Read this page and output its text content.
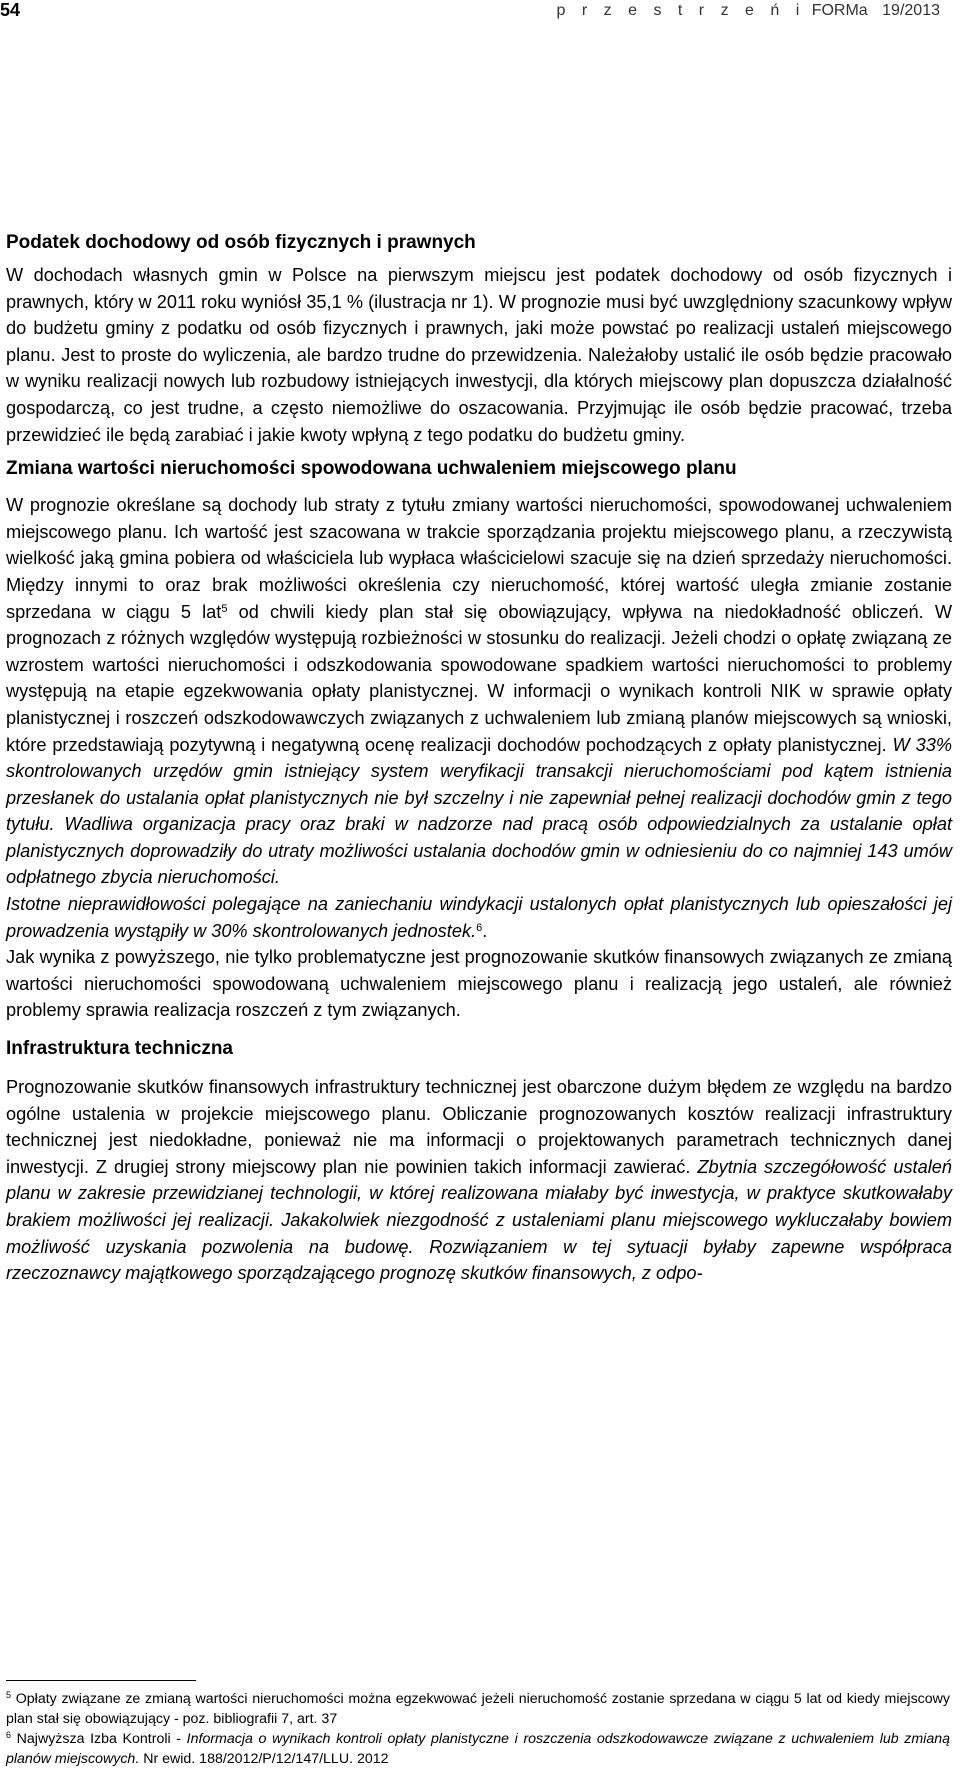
54	p r z e s t r z e ń i FORMa 19/2013
Podatek dochodowy od osób fizycznych i prawnych

W dochodach własnych gmin w Polsce na pierwszym miejscu jest podatek dochodowy od osób fizycznych i prawnych, który w 2011 roku wyniósł 35,1 % (ilustracja nr 1). W prognozie musi być uwzględniony szacunkowy wpływ do budżetu gminy z podatku od osób fizycznych i prawnych, jaki może powstać po realizacji ustaleń miejscowego planu. Jest to proste do wyliczenia, ale bardzo trudne do przewidzenia. Należałoby ustalić ile osób będzie pracowało w wyniku realizacji nowych lub rozbudowy istniejących inwestycji, dla których miejscowy plan dopuszcza działalność gospodarczą, co jest trudne, a często niemożliwe do oszacowania. Przyjmując ile osób będzie pracować, trzeba przewidzieć ile będą zarabiać i jakie kwoty wpłyną z tego podatku do budżetu gminy.

Zmiana wartości nieruchomości spowodowana uchwaleniem miejscowego planu

W prognozie określane są dochody lub straty z tytułu zmiany wartości nieruchomości, spowodowanej uchwaleniem miejscowego planu. Ich wartość jest szacowana w trakcie sporządzania projektu miejscowego planu, a rzeczywistą wielkość jaką gmina pobiera od właściciela lub wypłaca właścicielowi szacuje się na dzień sprzedaży nieruchomości. Między innymi to oraz brak możliwości określenia czy nieruchomość, której wartość uległa zmianie zostanie sprzedana w ciągu 5 lat$^5$ od chwili kiedy plan stał się obowiązujący, wpływa na niedokładność obliczeń. W prognozach z różnych względów występują rozbieżności w stosunku do realizacji. Jeżeli chodzi o opłatę związaną ze wzrostem wartości nieruchomości i odszkodowania spowodowane spadkiem wartości nieruchomości to problemy występują na etapie egzekwowania opłaty planistycznej. W informacji o wynikach kontroli NIK w sprawie opłaty planistycznej i roszczeń odszkodowawczych związanych z uchwaleniem lub zmianą planów miejscowych są wnioski, które przedstawiają pozytywną i negatywną ocenę realizacji dochodów pochodzących z opłaty planistycznej. W 33% skontrolowanych urzędów gmin istniejący system weryfikacji transakcji nieruchomościami pod kątem istnienia przesłanek do ustalania opłat planistycznych nie był szczelny i nie zapewniał pełnej realizacji dochodów gmin z tego tytułu. Wadliwa organizacja pracy oraz braki w nadzorze nad pracą osób odpowiedzialnych za ustalanie opłat planistycznych doprowadziły do utraty możliwości ustalania dochodów gmin w odniesieniu do co najmniej 143 umów odpłatnego zbycia nieruchomości.

Istotne nieprawidłowości polegające na zaniechaniu windykacji ustalonych opłat planistycznych lub opieszałości jej prowadzenia wystąpiły w 30% skontrolowanych jednostek.$^6$.

Jak wynika z powyższego, nie tylko problematyczne jest prognozowanie skutków finansowych związanych ze zmianą wartości nieruchomości spowodowaną uchwaleniem miejscowego planu i realizacją jego ustaleń, ale również problemy sprawia realizacja roszczeń z tym związanych.

Infrastruktura techniczna

Prognozowanie skutków finansowych infrastruktury technicznej jest obarczone dużym błędem ze względu na bardzo ogólne ustalenia w projekcie miejscowego planu. Obliczanie prognozowanych kosztów realizacji infrastruktury technicznej jest niedokładne, ponieważ nie ma informacji o projektowanych parametrach technicznych danej inwestycji. Z drugiej strony miejscowy plan nie powinien takich informacji zawierać. Zbytnia szczegółowość ustaleń planu w zakresie przewidzianej technologii, w której realizowana miałaby być inwestycja, w praktyce skutkowałaby brakiem możliwości jej realizacji. Jakakolwiek niezgodność z ustaleniami planu miejscowego wykluczałaby bowiem możliwość uzyskania pozwolenia na budowę. Rozwiązaniem w tej sytuacji byłaby zapewne współpraca rzeczoznawcy majątkowego sporządzającego prognozę skutków finansowych, z odpo-

$^5$ Opłaty związane ze zmianą wartości nieruchomości można egzekwować jeżeli nieruchomość zostanie sprzedana w ciągu 5 lat od kiedy miejscowy plan stał się obowiązujący - poz. bibliografii 7, art. 37

$^6$ Najwyższa Izba Kontroli - Informacja o wynikach kontroli opłaty planistyczne i roszczenia odszkodowawcze związane z uchwaleniem lub zmianą planów miejscowych. Nr ewid. 188/2012/P/12/147/LLU. 2012
